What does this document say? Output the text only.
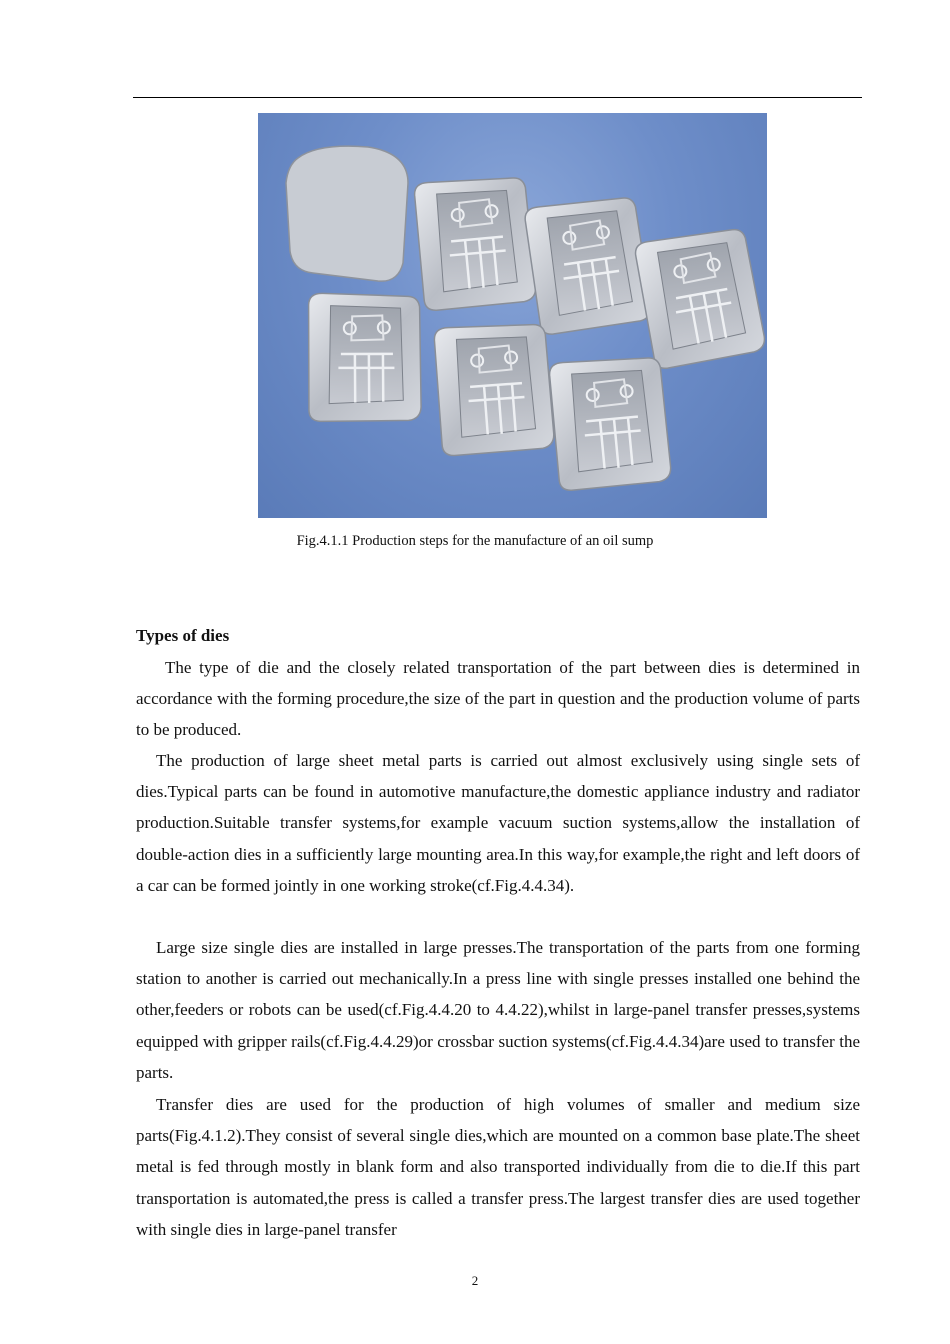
Fig.4.1.1 Production steps for the manufacture of an oil sump
Types of dies

The type of die and the closely related transportation of the part between dies is determined in accordance with the forming procedure,the size of the part in question and the production volume of parts to be produced.

The production of large sheet metal parts is carried out almost exclusively using single sets of dies.Typical parts can be found in automotive manufacture,the domestic appliance industry and radiator production.Suitable transfer systems,for example vacuum suction systems,allow the installation of double-action dies in a sufficiently large mounting area.In this way,for example,the right and left doors of a car can be formed jointly in one working stroke(cf.Fig.4.4.34).

Large size single dies are installed in large presses.The transportation of the parts from one forming station to another is carried out mechanically.In a press line with single presses installed one behind the other,feeders or robots can be used(cf.Fig.4.4.20 to 4.4.22),whilst in large-panel transfer presses,systems equipped with gripper rails(cf.Fig.4.4.29)or crossbar suction systems(cf.Fig.4.4.34)are used to transfer the parts.

Transfer dies are used for the production of high volumes of smaller and medium size parts(Fig.4.1.2).They consist of several single dies,which are mounted on a common base plate.The sheet metal is fed through mostly in blank form and also transported individually from die to die.If this part transportation is automated,the press is called a transfer press.The largest transfer dies are used together with single dies in large-panel transfer

2
